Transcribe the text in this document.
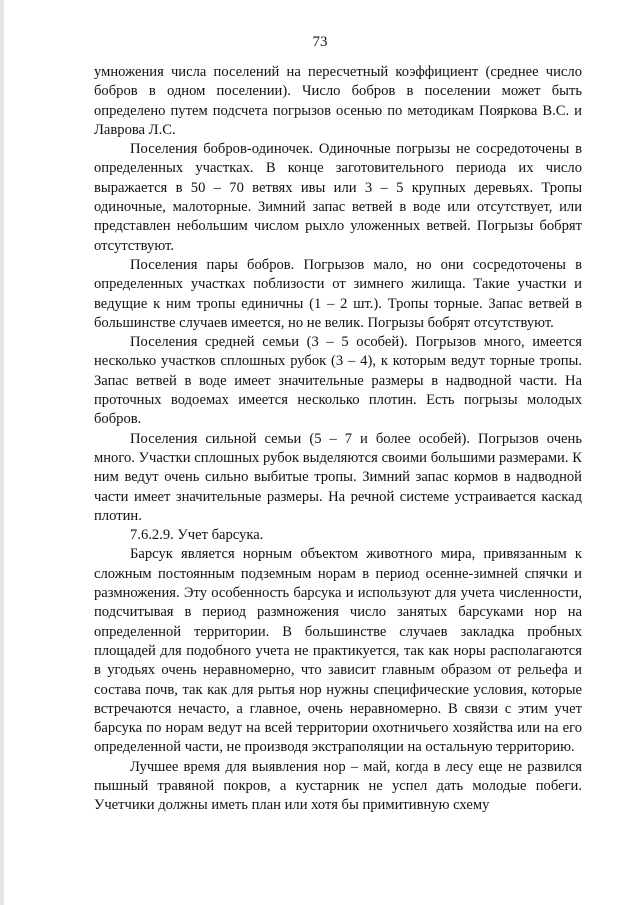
73

умножения числа поселений на пересчетный коэффициент (среднее число бобров в одном поселении). Число бобров в поселении может быть определено путем подсчета погрызов осенью по методикам Пояркова В.С. и Лаврова Л.С.

Поселения бобров-одиночек. Одиночные погрызы не сосредоточены в определенных участках. В конце заготовительного периода их число выражается в 50 – 70 ветвях ивы или 3 – 5 крупных деревьях. Тропы одиночные, малоторные. Зимний запас ветвей в воде или отсутствует, или представлен небольшим числом рыхло уложенных ветвей. Погрызы бобрят отсутствуют.

Поселения пары бобров. Погрызов мало, но они сосредоточены в определенных участках поблизости от зимнего жилища. Такие участки и ведущие к ним тропы единичны (1 – 2 шт.). Тропы торные. Запас ветвей в большинстве случаев имеется, но не велик. Погрызы бобрят отсутствуют.

Поселения средней семьи (3 – 5 особей). Погрызов много, имеется несколько участков сплошных рубок (3 – 4), к которым ведут торные тропы. Запас ветвей в воде имеет значительные размеры в надводной части. На проточных водоемах имеется несколько плотин. Есть погрызы молодых бобров.

Поселения сильной семьи (5 – 7 и более особей). Погрызов очень много. Участки сплошных рубок выделяются своими большими размерами. К ним ведут очень сильно выбитые тропы. Зимний запас кормов в надводной части имеет значительные размеры. На речной системе устраивается каскад плотин.

7.6.2.9. Учет барсука.

Барсук является норным объектом животного мира, привязанным к сложным постоянным подземным норам в период осенне-зимней спячки и размножения. Эту особенность барсука и используют для учета численности, подсчитывая в период размножения число занятых барсуками нор на определенной территории. В большинстве случаев закладка пробных площадей для подобного учета не практикуется, так как норы располагаются в угодьях очень неравномерно, что зависит главным образом от рельефа и состава почв, так как для рытья нор нужны специфические условия, которые встречаются нечасто, а главное, очень неравномерно. В связи с этим учет барсука по норам ведут на всей территории охотничьего хозяйства или на его определенной части, не производя экстраполяции на остальную территорию.

Лучшее время для выявления нор – май, когда в лесу еще не развился пышный травяной покров, а кустарник не успел дать молодые побеги. Учетчики должны иметь план или хотя бы примитивную схему
